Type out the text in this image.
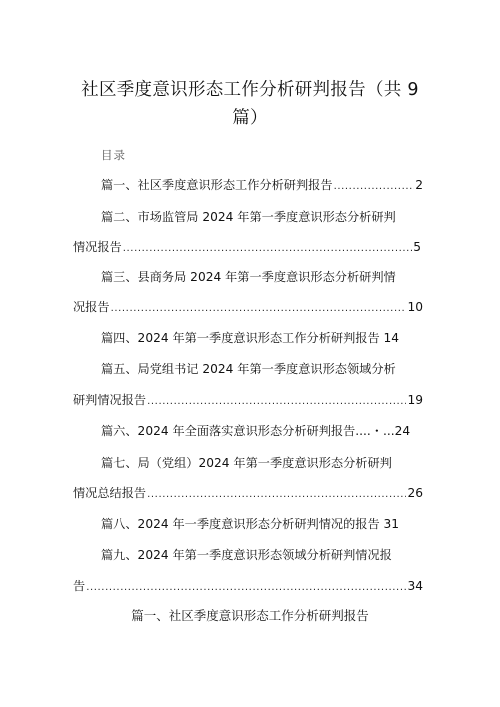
社区季度意识形态工作分析研判报告（共 9
篇）
目录
篇一、社区季度意识形态工作分析研判报告 .....	2
篇二、市场监管局 2024 年第一季度意识形态分析研判
情况报告 .....	5
篇三、县商务局 2024 年第一季度意识形态分析研判情
况报告 .....	10
篇四、2024 年第一季度意识形态工作分析研判报告 14
篇五、局党组书记 2024 年第一季度意识形态领域分析
研判情况报告 .....	19
篇六、2024 年全面落实意识形态分析研判报告....・...24
篇七、局（党组）2024 年第一季度意识形态分析研判
情况总结报告 .....	26
篇八、2024 年一季度意识形态分析研判情况的报告 31
篇九、2024 年第一季度意识形态领域分析研判情况报
告 .....	34
篇一、社区季度意识形态工作分析研判报告
